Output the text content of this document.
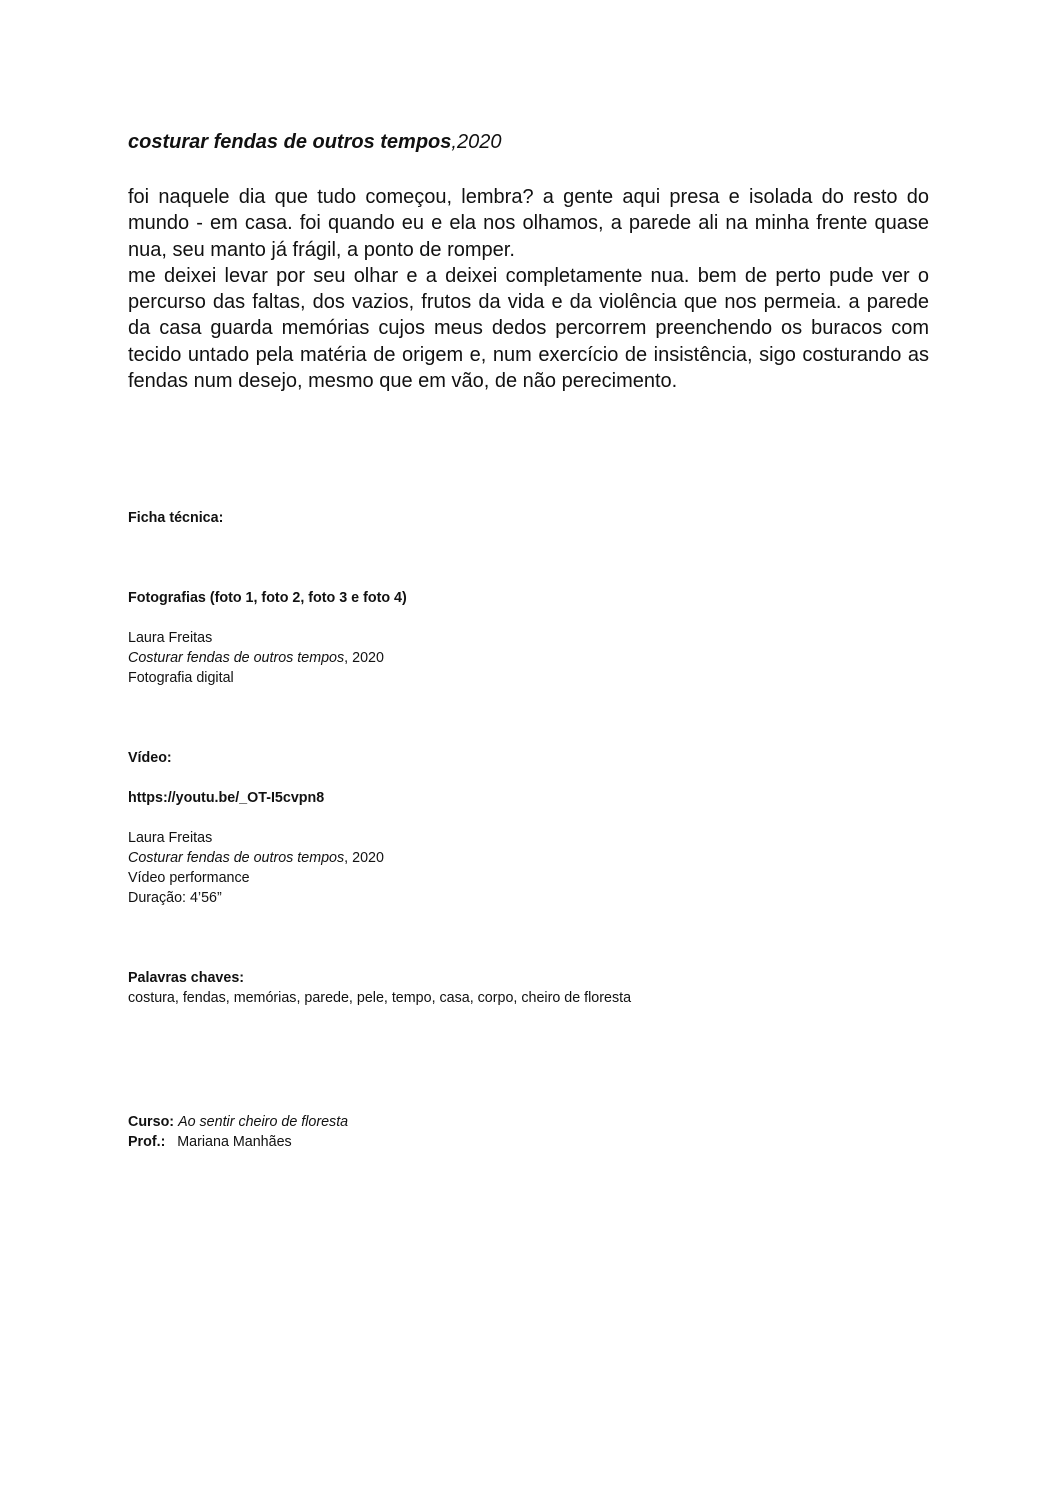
costurar fendas de outros tempos,2020

foi naquele dia que tudo começou, lembra? a gente aqui presa e isolada do resto do mundo - em casa. foi quando eu e ela nos olhamos, a parede ali na minha frente quase nua, seu manto já frágil, a ponto de romper.

me deixei levar por seu olhar e a deixei completamente nua. bem de perto pude ver o percurso das faltas, dos vazios, frutos da vida e da violência que nos permeia. a parede da casa guarda memórias cujos meus dedos percorrem preenchendo os buracos com tecido untado pela matéria de origem e, num exercício de insistência, sigo costurando as fendas num desejo, mesmo que em vão, de não perecimento.

Ficha técnica:
Fotografias (foto 1, foto 2, foto 3 e foto 4)
Laura Freitas
Costurar fendas de outros tempos, 2020
Fotografia digital
Vídeo:
https://youtu.be/_OT-I5cvpn8
Laura Freitas
Costurar fendas de outros tempos, 2020
Vídeo performance
Duração: 4’56”
Palavras chaves:
costura, fendas, memórias, parede, pele, tempo, casa, corpo, cheiro de floresta
Curso: Ao sentir cheiro de floresta
Prof.: Mariana Manhães
